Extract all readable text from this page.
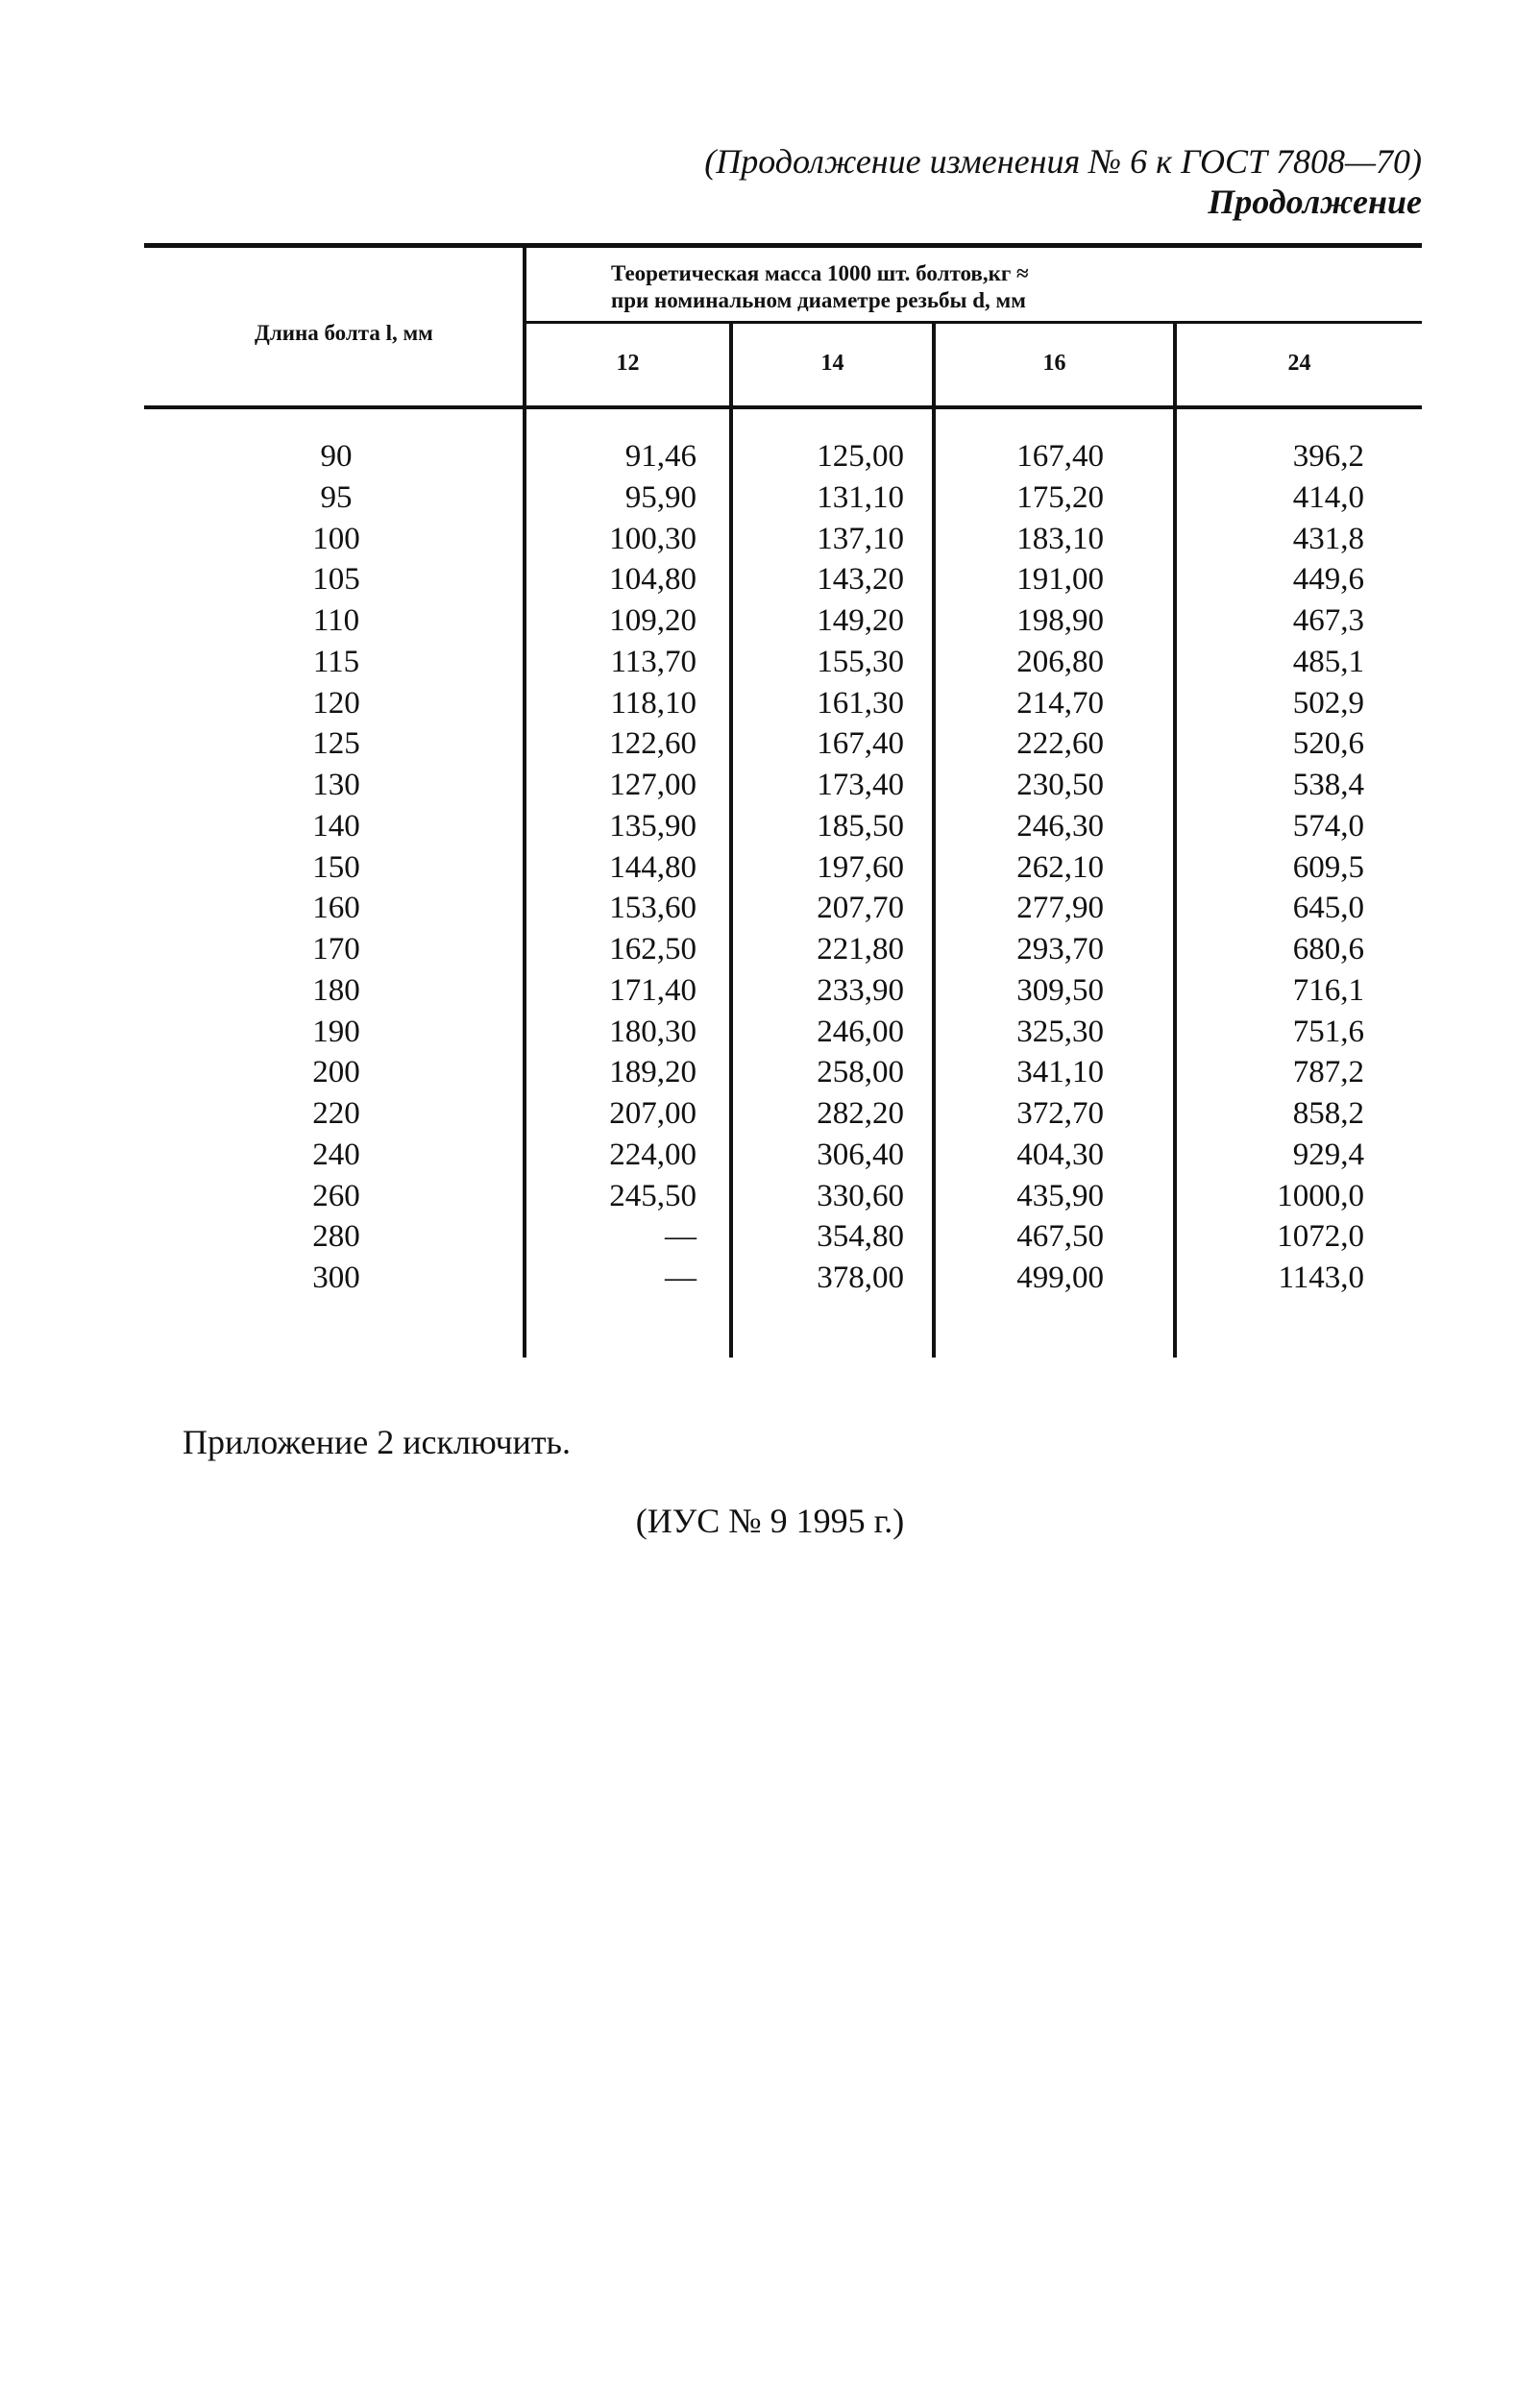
(Продолжение изменения № 6 к ГОСТ 7808—70)
Продолжение
Длина болта l, мм
Теоретическая масса 1000 шт. болтов,кг ≈
при номинальном диаметре резьбы d, мм
12	14	16	24
90	91,46	125,00	167,40	396,2
95	95,90	131,10	175,20	414,0
100	100,30	137,10	183,10	431,8
105	104,80	143,20	191,00	449,6
110	109,20	149,20	198,90	467,3
115	113,70	155,30	206,80	485,1
120	118,10	161,30	214,70	502,9
125	122,60	167,40	222,60	520,6
130	127,00	173,40	230,50	538,4
140	135,90	185,50	246,30	574,0
150	144,80	197,60	262,10	609,5
160	153,60	207,70	277,90	645,0
170	162,50	221,80	293,70	680,6
180	171,40	233,90	309,50	716,1
190	180,30	246,00	325,30	751,6
200	189,20	258,00	341,10	787,2
220	207,00	282,20	372,70	858,2
240	224,00	306,40	404,30	929,4
260	245,50	330,60	435,90	1000,0
280	—	354,80	467,50	1072,0
300	—	378,00	499,00	1143,0
Приложение 2 исключить.
(ИУС № 9 1995 г.)
